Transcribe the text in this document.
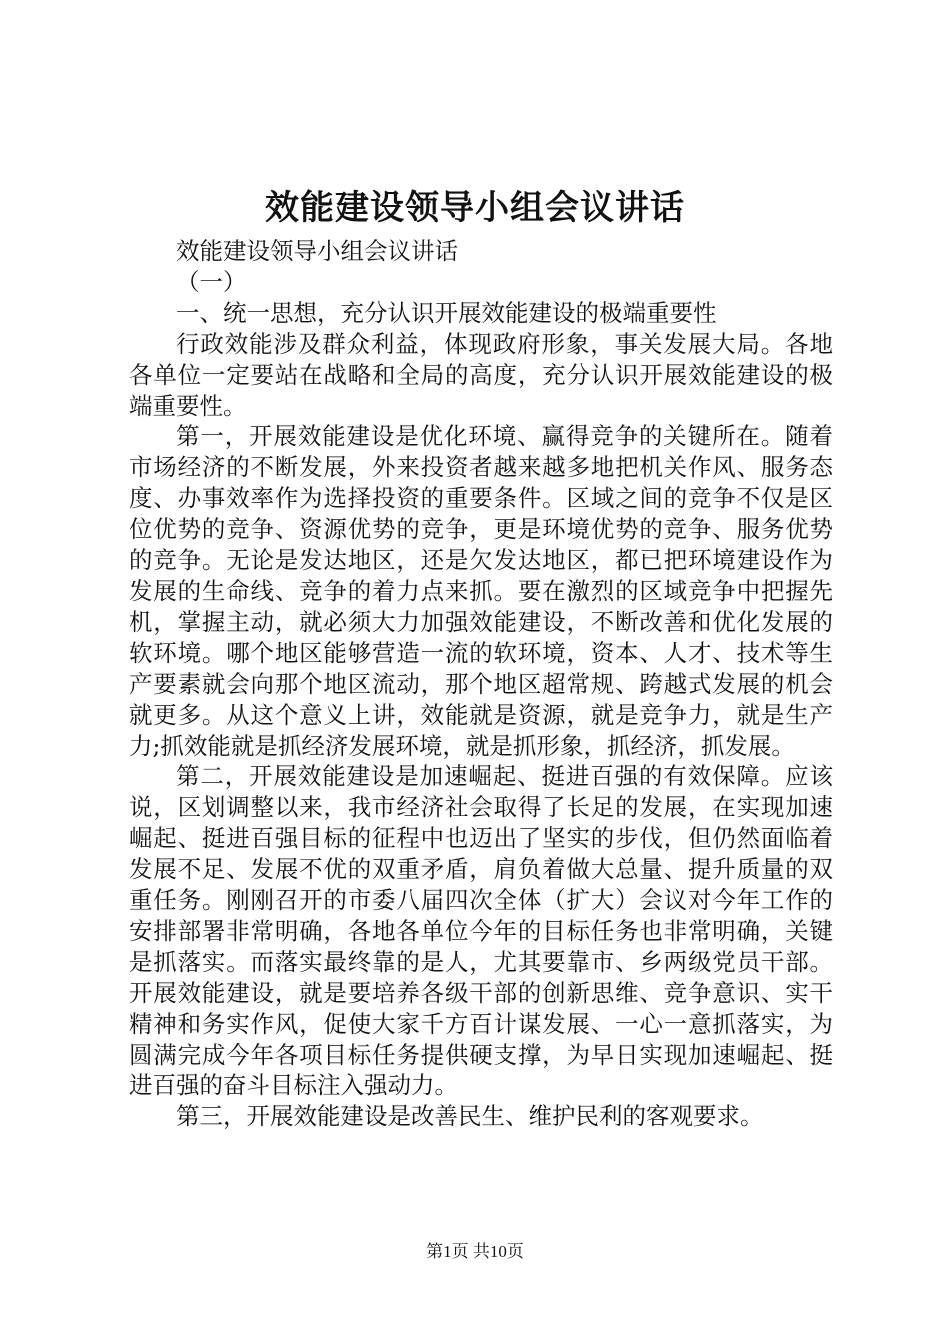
效能建设领导小组会议讲话

效能建设领导小组会议讲话

（一）

一、统一思想，充分认识开展效能建设的极端重要性

行政效能涉及群众利益，体现政府形象，事关发展大局。各地各单位一定要站在战略和全局的高度，充分认识开展效能建设的极端重要性。

第一，开展效能建设是优化环境、赢得竞争的关键所在。随着市场经济的不断发展，外来投资者越来越多地把机关作风、服务态度、办事效率作为选择投资的重要条件。区域之间的竞争不仅是区位优势的竞争、资源优势的竞争，更是环境优势的竞争、服务优势的竞争。无论是发达地区，还是欠发达地区，都已把环境建设作为发展的生命线、竞争的着力点来抓。要在激烈的区域竞争中把握先机，掌握主动，就必须大力加强效能建设，不断改善和优化发展的软环境。哪个地区能够营造一流的软环境，资本、人才、技术等生产要素就会向那个地区流动，那个地区超常规、跨越式发展的机会就更多。从这个意义上讲，效能就是资源，就是竞争力，就是生产力;抓效能就是抓经济发展环境，就是抓形象，抓经济，抓发展。

第二，开展效能建设是加速崛起、挺进百强的有效保障。应该说，区划调整以来，我市经济社会取得了长足的发展，在实现加速崛起、挺进百强目标的征程中也迈出了坚实的步伐，但仍然面临着发展不足、发展不优的双重矛盾，肩负着做大总量、提升质量的双重任务。刚刚召开的市委八届四次全体（扩大）会议对今年工作的安排部署非常明确，各地各单位今年的目标任务也非常明确，关键是抓落实。而落实最终靠的是人，尤其要靠市、乡两级党员干部。开展效能建设，就是要培养各级干部的创新思维、竞争意识、实干精神和务实作风，促使大家千方百计谋发展、一心一意抓落实，为圆满完成今年各项目标任务提供硬支撑，为早日实现加速崛起、挺进百强的奋斗目标注入强动力。

第三，开展效能建设是改善民生、维护民利的客观要求。

第1页 共10页
